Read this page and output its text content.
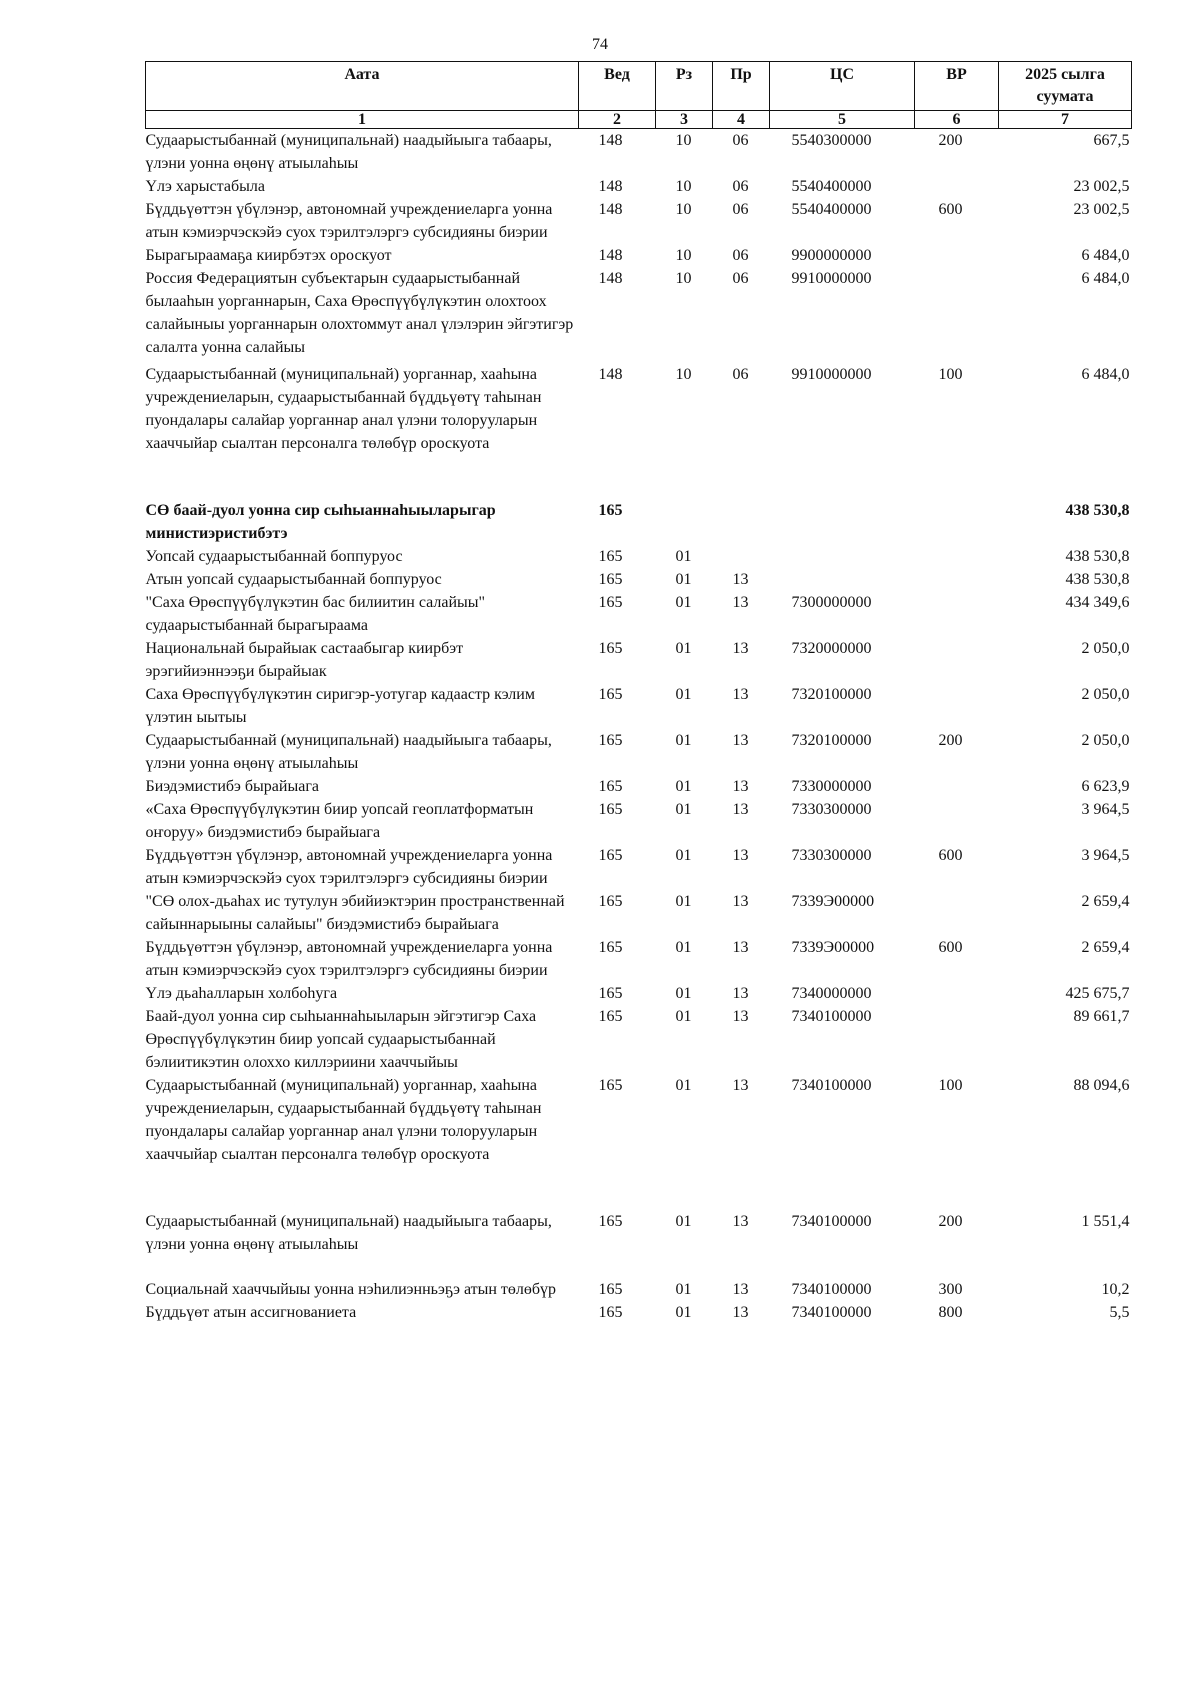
74
Аата	Вед	Рз	Пр	ЦС	ВР	2025 сылга суумата
1	2	3	4	5	6	7
Судаарыстыбаннай (муниципальнай) наадыйыыга табаары, үлэни уонна өңөнү атыылаһыы	148	10	06	5540300000	200	667,5
Үлэ харыстабыла	148	10	06	5540400000		23 002,5
Бүддьүөттэн үбүлэнэр, автономнай учреждениеларга уонна атын кэмиэрчэскэйэ суох тэрилтэлэргэ субсидияны биэрии	148	10	06	5540400000	600	23 002,5
Бырагыраамаҕа киирбэтэх ороскуот	148	10	06	9900000000		6 484,0
Россия Федерациятын субъектарын судаарыстыбаннай былааһын уорганнарын, Саха Өрөспүүбүлүкэтин олохтоох салайыныы уорганнарын олохтоммут анал үлэлэрин эйгэтигэр салалта уонна салайыы	148	10	06	9910000000		6 484,0
Судаарыстыбаннай (муниципальнай) уорганнар, хааһына учреждениеларын, судаарыстыбаннай бүддьүөтү таһынан пуондалары салайар уорганнар анал үлэни толорууларын хааччыйар сыалтан персоналга төлөбүр ороскуота	148	10	06	9910000000	100	6 484,0
СӨ баай-дуол уонна сир сыһыаннаһыыларыгар министиэристибэтэ	165					438 530,8
Уопсай судаарыстыбаннай боппуруос	165	01				438 530,8
Атын уопсай судаарыстыбаннай боппуруос	165	01	13			438 530,8
"Саха Өрөспүүбүлүкэтин бас билиитин салайыы" судаарыстыбаннай бырагыраама	165	01	13	7300000000		434 349,6
Национальнай бырайыак састаабыгар киирбэт эрэгийиэннээҕи бырайыак	165	01	13	7320000000		2 050,0
Саха Өрөспүүбүлүкэтин сиригэр-уотугар кадаастр кэлим үлэтин ыытыы	165	01	13	7320100000		2 050,0
Судаарыстыбаннай (муниципальнай) наадыйыыга табаары, үлэни уонна өңөнү атыылаһыы	165	01	13	7320100000	200	2 050,0
Биэдэмистибэ бырайыага	165	01	13	7330000000		6 623,9
«Саха Өрөспүүбүлүкэтин биир уопсай геоплатформатын оҥоруу» биэдэмистибэ бырайыага	165	01	13	7330300000		3 964,5
Бүддьүөттэн үбүлэнэр, автономнай учреждениеларга уонна атын кэмиэрчэскэйэ суох тэрилтэлэргэ субсидияны биэрии	165	01	13	7330300000	600	3 964,5
"СӨ олох-дьаһах ис тутулун эбийиэктэрин пространственнай сайыннарыыны салайыы" биэдэмистибэ бырайыага	165	01	13	7339Э00000		2 659,4
Бүддьүөттэн үбүлэнэр, автономнай учреждениеларга уонна атын кэмиэрчэскэйэ суох тэрилтэлэргэ субсидияны биэрии	165	01	13	7339Э00000	600	2 659,4
Үлэ дьаһалларын холбоһуга	165	01	13	7340000000		425 675,7
Баай-дуол уонна сир сыһыаннаһыыларын эйгэтигэр Саха Өрөспүүбүлүкэтин биир уопсай судаарыстыбаннай бэлиитикэтин олоххо киллэриини хааччыйыы	165	01	13	7340100000		89 661,7
Судаарыстыбаннай (муниципальнай) уорганнар, хааһына учреждениеларын, судаарыстыбаннай бүддьүөтү таһынан пуондалары салайар уорганнар анал үлэни толорууларын хааччыйар сыалтан персоналга төлөбүр ороскуота	165	01	13	7340100000	100	88 094,6
Судаарыстыбаннай (муниципальнай) наадыйыыга табаары, үлэни уонна өңөнү атыылаһыы	165	01	13	7340100000	200	1 551,4
Социальнай хааччыйыы уонна нэһилиэнньэҕэ атын төлөбүр	165	01	13	7340100000	300	10,2
Бүддьүөт атын ассигнованиета	165	01	13	7340100000	800	5,5
